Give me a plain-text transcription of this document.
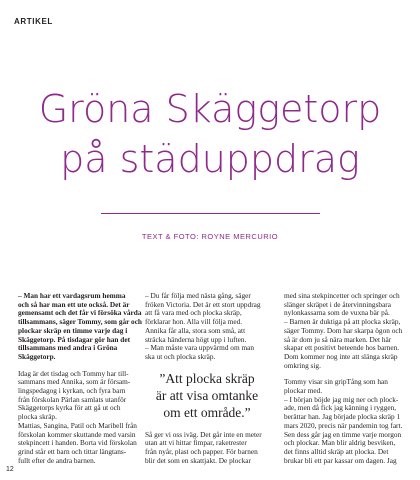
ARTIKEL
Gröna Skäggetorp
på städuppdrag
TEXT & FOTO: ROYNE MERCURIO

– Man har ett vardagsrum hemma
och så har man ett ute också. Det är
gemensamt och det får vi försöka vårda
tillsammans, säger Tommy, som går och
plockar skräp en timme varje dag i
Skäggetorp. På tisdagar gör han det
tillsammans med andra i Gröna
Skäggetorp.

Idag är det tisdag och Tommy har till-
sammans med Annika, som är försam-
lingspedagog i kyrkan, och fyra barn
från förskolan Pärlan samlats utanför
Skäggetorps kyrka för att gå ut och
plocka skräp.
Mattias, Sangina, Patil och Maribell från
förskolan kommer skuttande med varsin
stekpincett i handen. Borta vid förskolan
grind står ett barn och tittar längtans-
fullt efter de andra barnen.

– Du får följa med nästa gång, säger
fröken Victoria. Det är ett stort uppdrag
att få vara med och plocka skräp,
förklarar hon. Alla vill följa med.
Annika får alla, stora som små, att
sträcka händerna högt upp i luften.
– Man måste vara uppvärmd om man
ska ut och plocka skräp.

”Att plocka skräp
är att visa omtanke
om ett område.”

Så ger vi oss iväg. Det går inte en meter
utan att vi hittar fimpar, raketrester
från nyår, plast och papper. För barnen
blir det som en skattjakt. De plockar

med sina stekpincetter och springer och
slänger skräpet i de återvinningsbara
nylonkassarna som de vuxna bär på.
– Barnen är duktiga på att plocka skräp,
säger Tommy. Dom har skarpa ögon och
så är dom ju så nära marken. Det här
skapar ett positivt beteende hos barnen.
Dom kommer nog inte att slänga skräp
omkring sig.

Tommy visar sin gripTång som han
plockar med.
– I början böjde jag mig ner och plock-
ade, men då fick jag känning i ryggen,
berättar han. Jag började plocka skräp 1
mars 2020, precis när pandemin tog fart.
Sen dess går jag en timme varje morgon
och plockar. Man blir aldrig besviken,
det finns alltid skräp att plocka. Det
brukar bli ett par kassar om dagen. Jag

12
